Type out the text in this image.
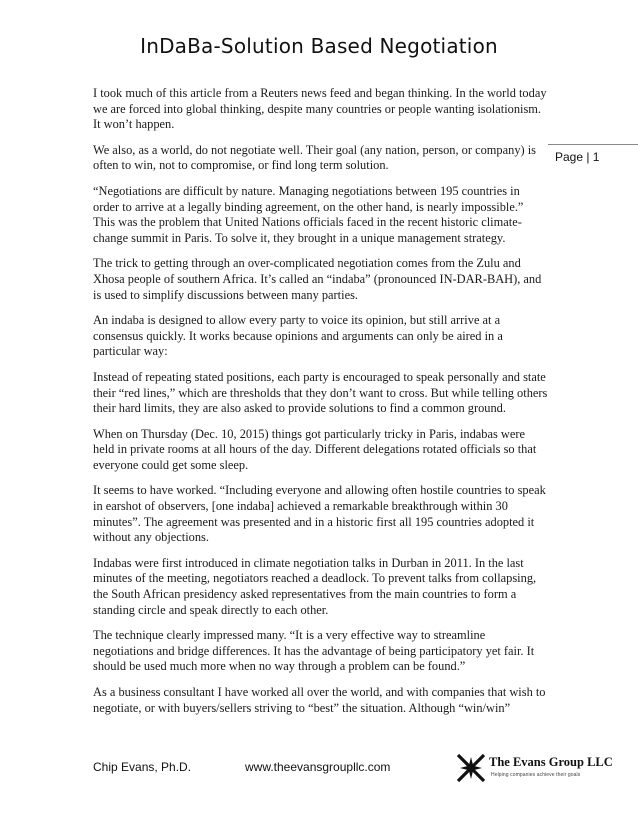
InDaBa-Solution Based Negotiation
Page | 1

I took much of this article from a Reuters news feed and began thinking. In the world today we are forced into global thinking, despite many countries or people wanting isolationism. It won’t happen.

We also, as a world, do not negotiate well. Their goal (any nation, person, or company) is often to win, not to compromise, or find long term solution.

“Negotiations are difficult by nature. Managing negotiations between 195 countries in order to arrive at a legally binding agreement, on the other hand, is nearly impossible.” This was the problem that United Nations officials faced in the recent historic climate-change summit in Paris. To solve it, they brought in a unique management strategy.

The trick to getting through an over-complicated negotiation comes from the Zulu and Xhosa people of southern Africa. It’s called an “indaba” (pronounced IN-DAR-BAH), and is used to simplify discussions between many parties.

An indaba is designed to allow every party to voice its opinion, but still arrive at a consensus quickly. It works because opinions and arguments can only be aired in a particular way:

Instead of repeating stated positions, each party is encouraged to speak personally and state their “red lines,” which are thresholds that they don’t want to cross. But while telling others their hard limits, they are also asked to provide solutions to find a common ground.

When on Thursday (Dec. 10, 2015) things got particularly tricky in Paris, indabas were held in private rooms at all hours of the day. Different delegations rotated officials so that everyone could get some sleep.

It seems to have worked. “Including everyone and allowing often hostile countries to speak in earshot of observers, [one indaba] achieved a remarkable breakthrough within 30 minutes”. The agreement was presented and in a historic first all 195 countries adopted it without any objections.

Indabas were first introduced in climate negotiation talks in Durban in 2011. In the last minutes of the meeting, negotiators reached a deadlock. To prevent talks from collapsing, the South African presidency asked representatives from the main countries to form a standing circle and speak directly to each other.

The technique clearly impressed many. “It is a very effective way to streamline negotiations and bridge differences. It has the advantage of being participatory yet fair. It should be used much more when no way through a problem can be found.”

As a business consultant I have worked all over the world, and with companies that wish to negotiate, or with buyers/sellers striving to “best” the situation. Although “win/win”

Chip Evans, Ph.D.	www.theevansgroupllc.com	The Evans Group LLC
Helping companies achieve their goals
